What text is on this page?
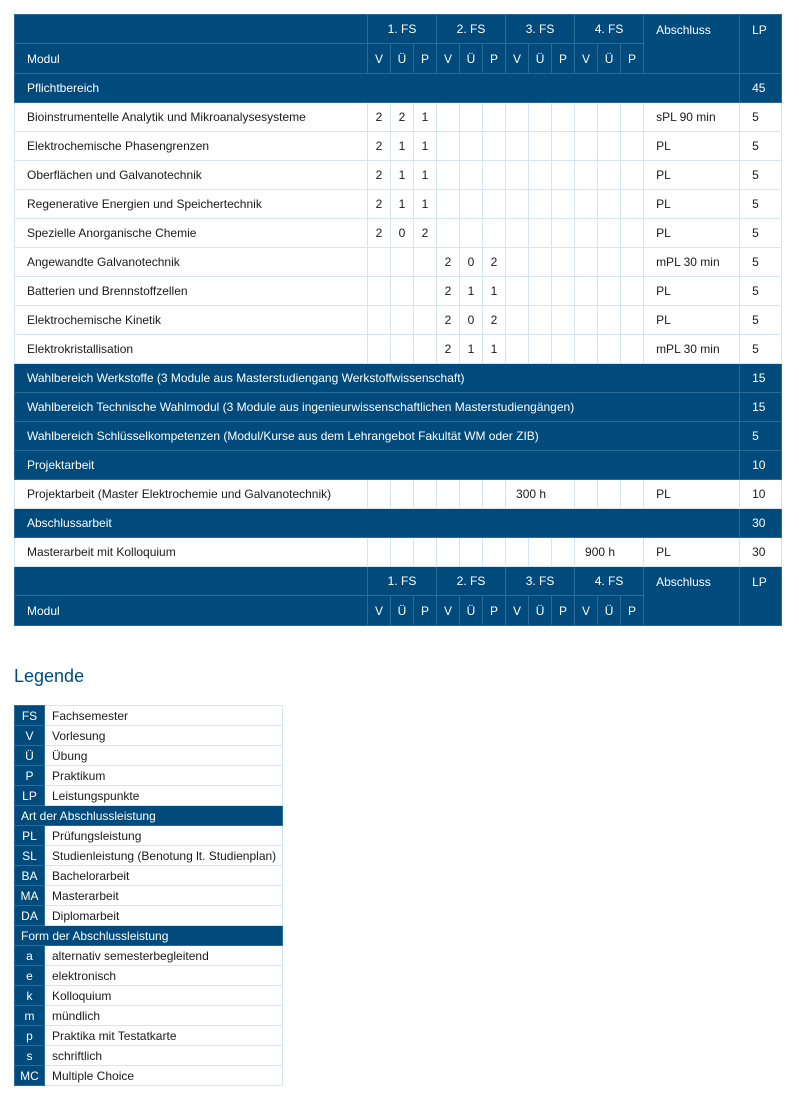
	1. FS			2. FS			3. FS			4. FS			Abschluss	LP
Modul	V	Ü	P	V	Ü	P	V	Ü	P	V	Ü	P		
Pflichtbereich														45
Bioinstrumentelle Analytik und Mikroanalysesysteme	2	2	1										sPL 90 min	5
Elektrochemische Phasengrenzen	2	1	1										PL	5
Oberflächen und Galvanotechnik	2	1	1										PL	5
Regenerative Energien und Speichertechnik	2	1	1										PL	5
Spezielle Anorganische Chemie	2	0	2										PL	5
Angewandte Galvanotechnik				2	0	2							mPL 30 min	5
Batterien und Brennstoffzellen				2	1	1							PL	5
Elektrochemische Kinetik				2	0	2							PL	5
Elektrokristallisation				2	1	1							mPL 30 min	5
Wahlbereich Werkstoffe (3 Module aus Masterstudiengang Werkstoffwissenschaft)														15
Wahlbereich Technische Wahlmodul (3 Module aus ingenieurwissenschaftlichen Masterstudiengängen)														15
Wahlbereich Schlüsselkompetenzen (Modul/Kurse aus dem Lehrangebot Fakultät WM oder ZIB)														5
Projektarbeit														10
Projektarbeit (Master Elektrochemie und Galvanotechnik)							300 h						PL	10
Abschlussarbeit														30
Masterarbeit mit Kolloquium										900 h			PL	30
	1. FS			2. FS			3. FS			4. FS			Abschluss	LP
Modul	V	Ü	P	V	Ü	P	V	Ü	P	V	Ü	P		
Legende
FS	Fachsemester
V	Vorlesung
Ü	Übung
P	Praktikum
LP	Leistungspunkte
Art der Abschlussleistung	
PL	Prüfungsleistung
SL	Studienleistung (Benotung lt. Studienplan)
BA	Bachelorarbeit
MA	Masterarbeit
DA	Diplomarbeit
Form der Abschlussleistung	
a	alternativ semesterbegleitend
e	elektronisch
k	Kolloquium
m	mündlich
p	Praktika mit Testatkarte
s	schriftlich
MC	Multiple Choice
